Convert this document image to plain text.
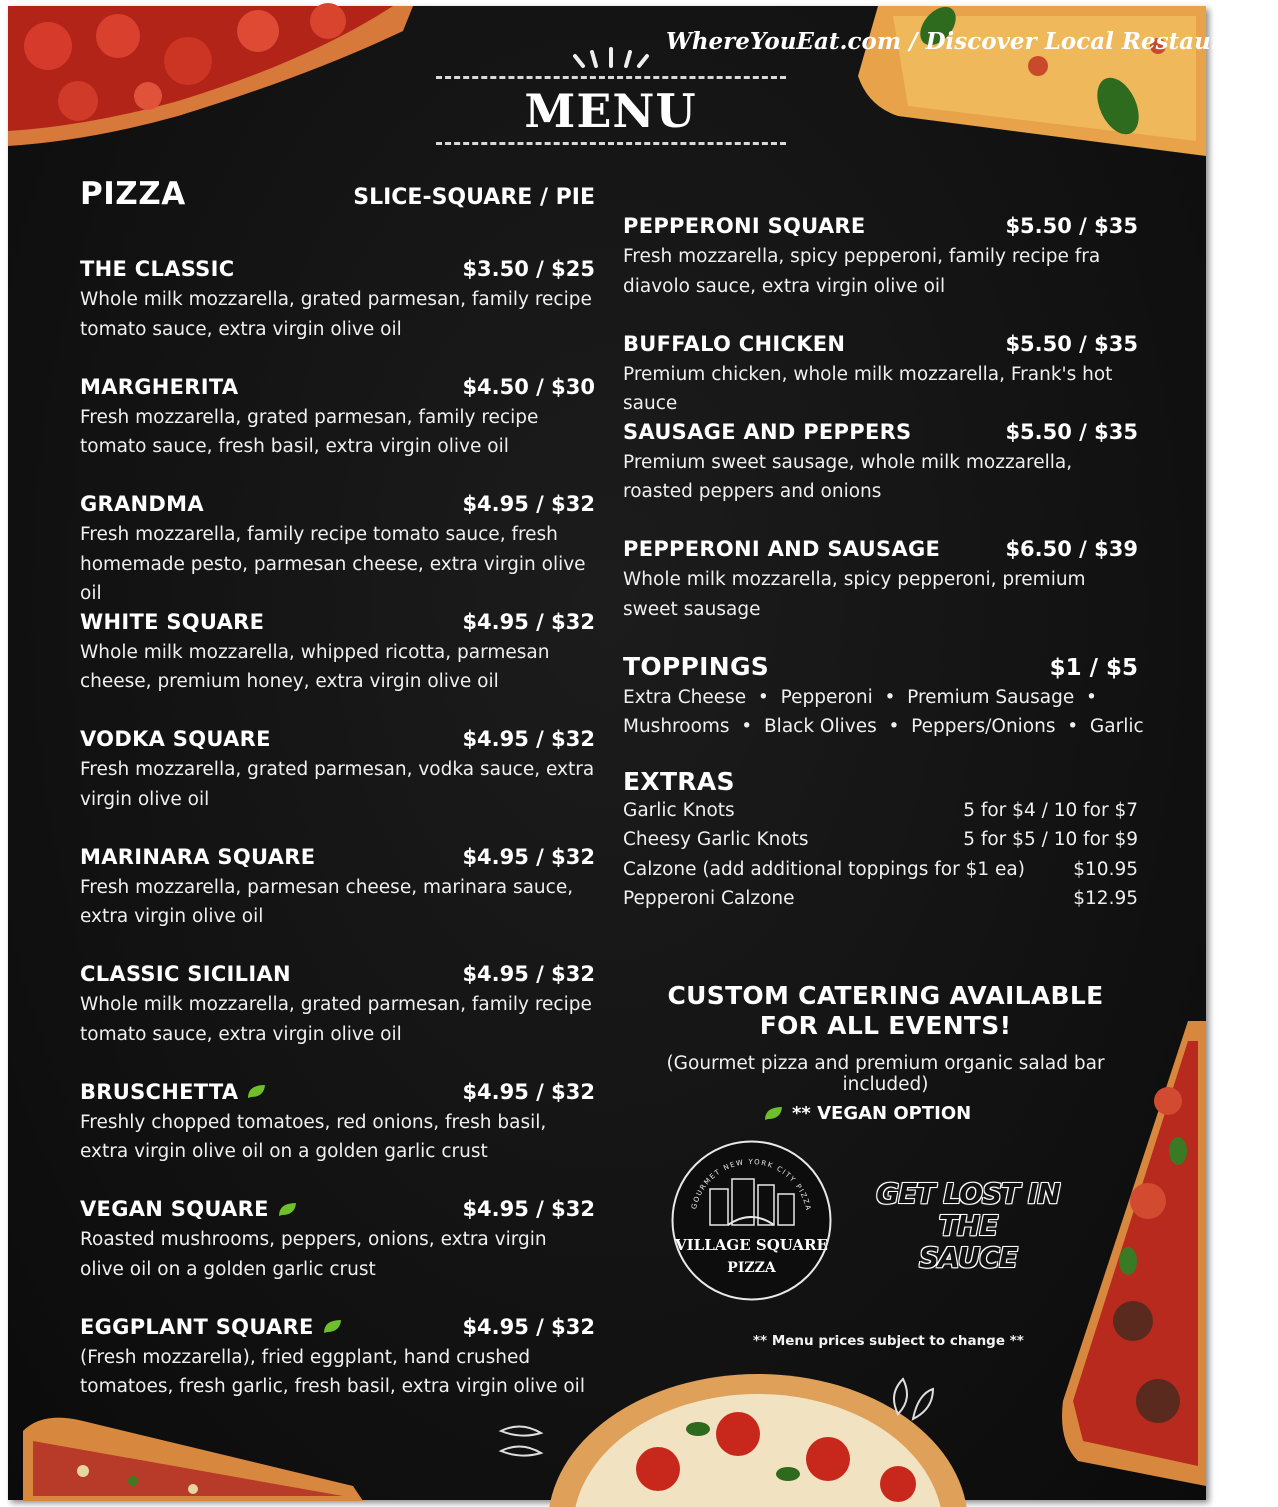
WhereYouEat.com / Discover Local Restaurants
MENU
PIZZA	SLICE-SQUARE / PIE
THE CLASSIC	$3.50 / $25
Whole milk mozzarella, grated parmesan, family recipe tomato sauce, extra virgin olive oil
MARGHERITA	$4.50 / $30
Fresh mozzarella, grated parmesan, family recipe tomato sauce, fresh basil, extra virgin olive oil
GRANDMA	$4.95 / $32
Fresh mozzarella, family recipe tomato sauce, fresh homemade pesto, parmesan cheese, extra virgin olive oil
WHITE SQUARE	$4.95 / $32
Whole milk mozzarella, whipped ricotta, parmesan cheese, premium honey, extra virgin olive oil
VODKA SQUARE	$4.95 / $32
Fresh mozzarella, grated parmesan, vodka sauce, extra virgin olive oil
MARINARA SQUARE	$4.95 / $32
Fresh mozzarella, parmesan cheese, marinara sauce, extra virgin olive oil
CLASSIC SICILIAN	$4.95 / $32
Whole milk mozzarella, grated parmesan, family recipe tomato sauce, extra virgin olive oil
BRUSCHETTA	$4.95 / $32
Freshly chopped tomatoes, red onions, fresh basil, extra virgin olive oil on a golden garlic crust
VEGAN SQUARE	$4.95 / $32
Roasted mushrooms, peppers, onions, extra virgin olive oil on a golden garlic crust
EGGPLANT SQUARE	$4.95 / $32
(Fresh mozzarella), fried eggplant, hand crushed tomatoes, fresh garlic, fresh basil, extra virgin olive oil
PEPPERONI SQUARE	$5.50 / $35
Fresh mozzarella, spicy pepperoni, family recipe fra diavolo sauce, extra virgin olive oil
BUFFALO CHICKEN	$5.50 / $35
Premium chicken, whole milk mozzarella, Frank's hot sauce
SAUSAGE AND PEPPERS	$5.50 / $35
Premium sweet sausage, whole milk mozzarella, roasted peppers and onions
PEPPERONI AND SAUSAGE	$6.50 / $39
Whole milk mozzarella, spicy pepperoni, premium sweet sausage
TOPPINGS	$1 / $5
Extra Cheese  •  Pepperoni  •  Premium Sausage  •
Mushrooms  •  Black Olives  •  Peppers/Onions  •  Garlic
EXTRAS
Garlic Knots	5 for $4 / 10 for $7
Cheesy Garlic Knots	5 for $5 / 10 for $9
Calzone (add additional toppings for $1 ea)	$10.95
Pepperoni Calzone	$12.95
CUSTOM CATERING AVAILABLE
FOR ALL EVENTS!
(Gourmet pizza and premium organic salad bar included)
** VEGAN OPTION
GOURMET NEW YORK CITY PIZZA
VILLAGE SQUARE
PIZZA
GET LOST IN
THE
SAUCE
** Menu prices subject to change **
